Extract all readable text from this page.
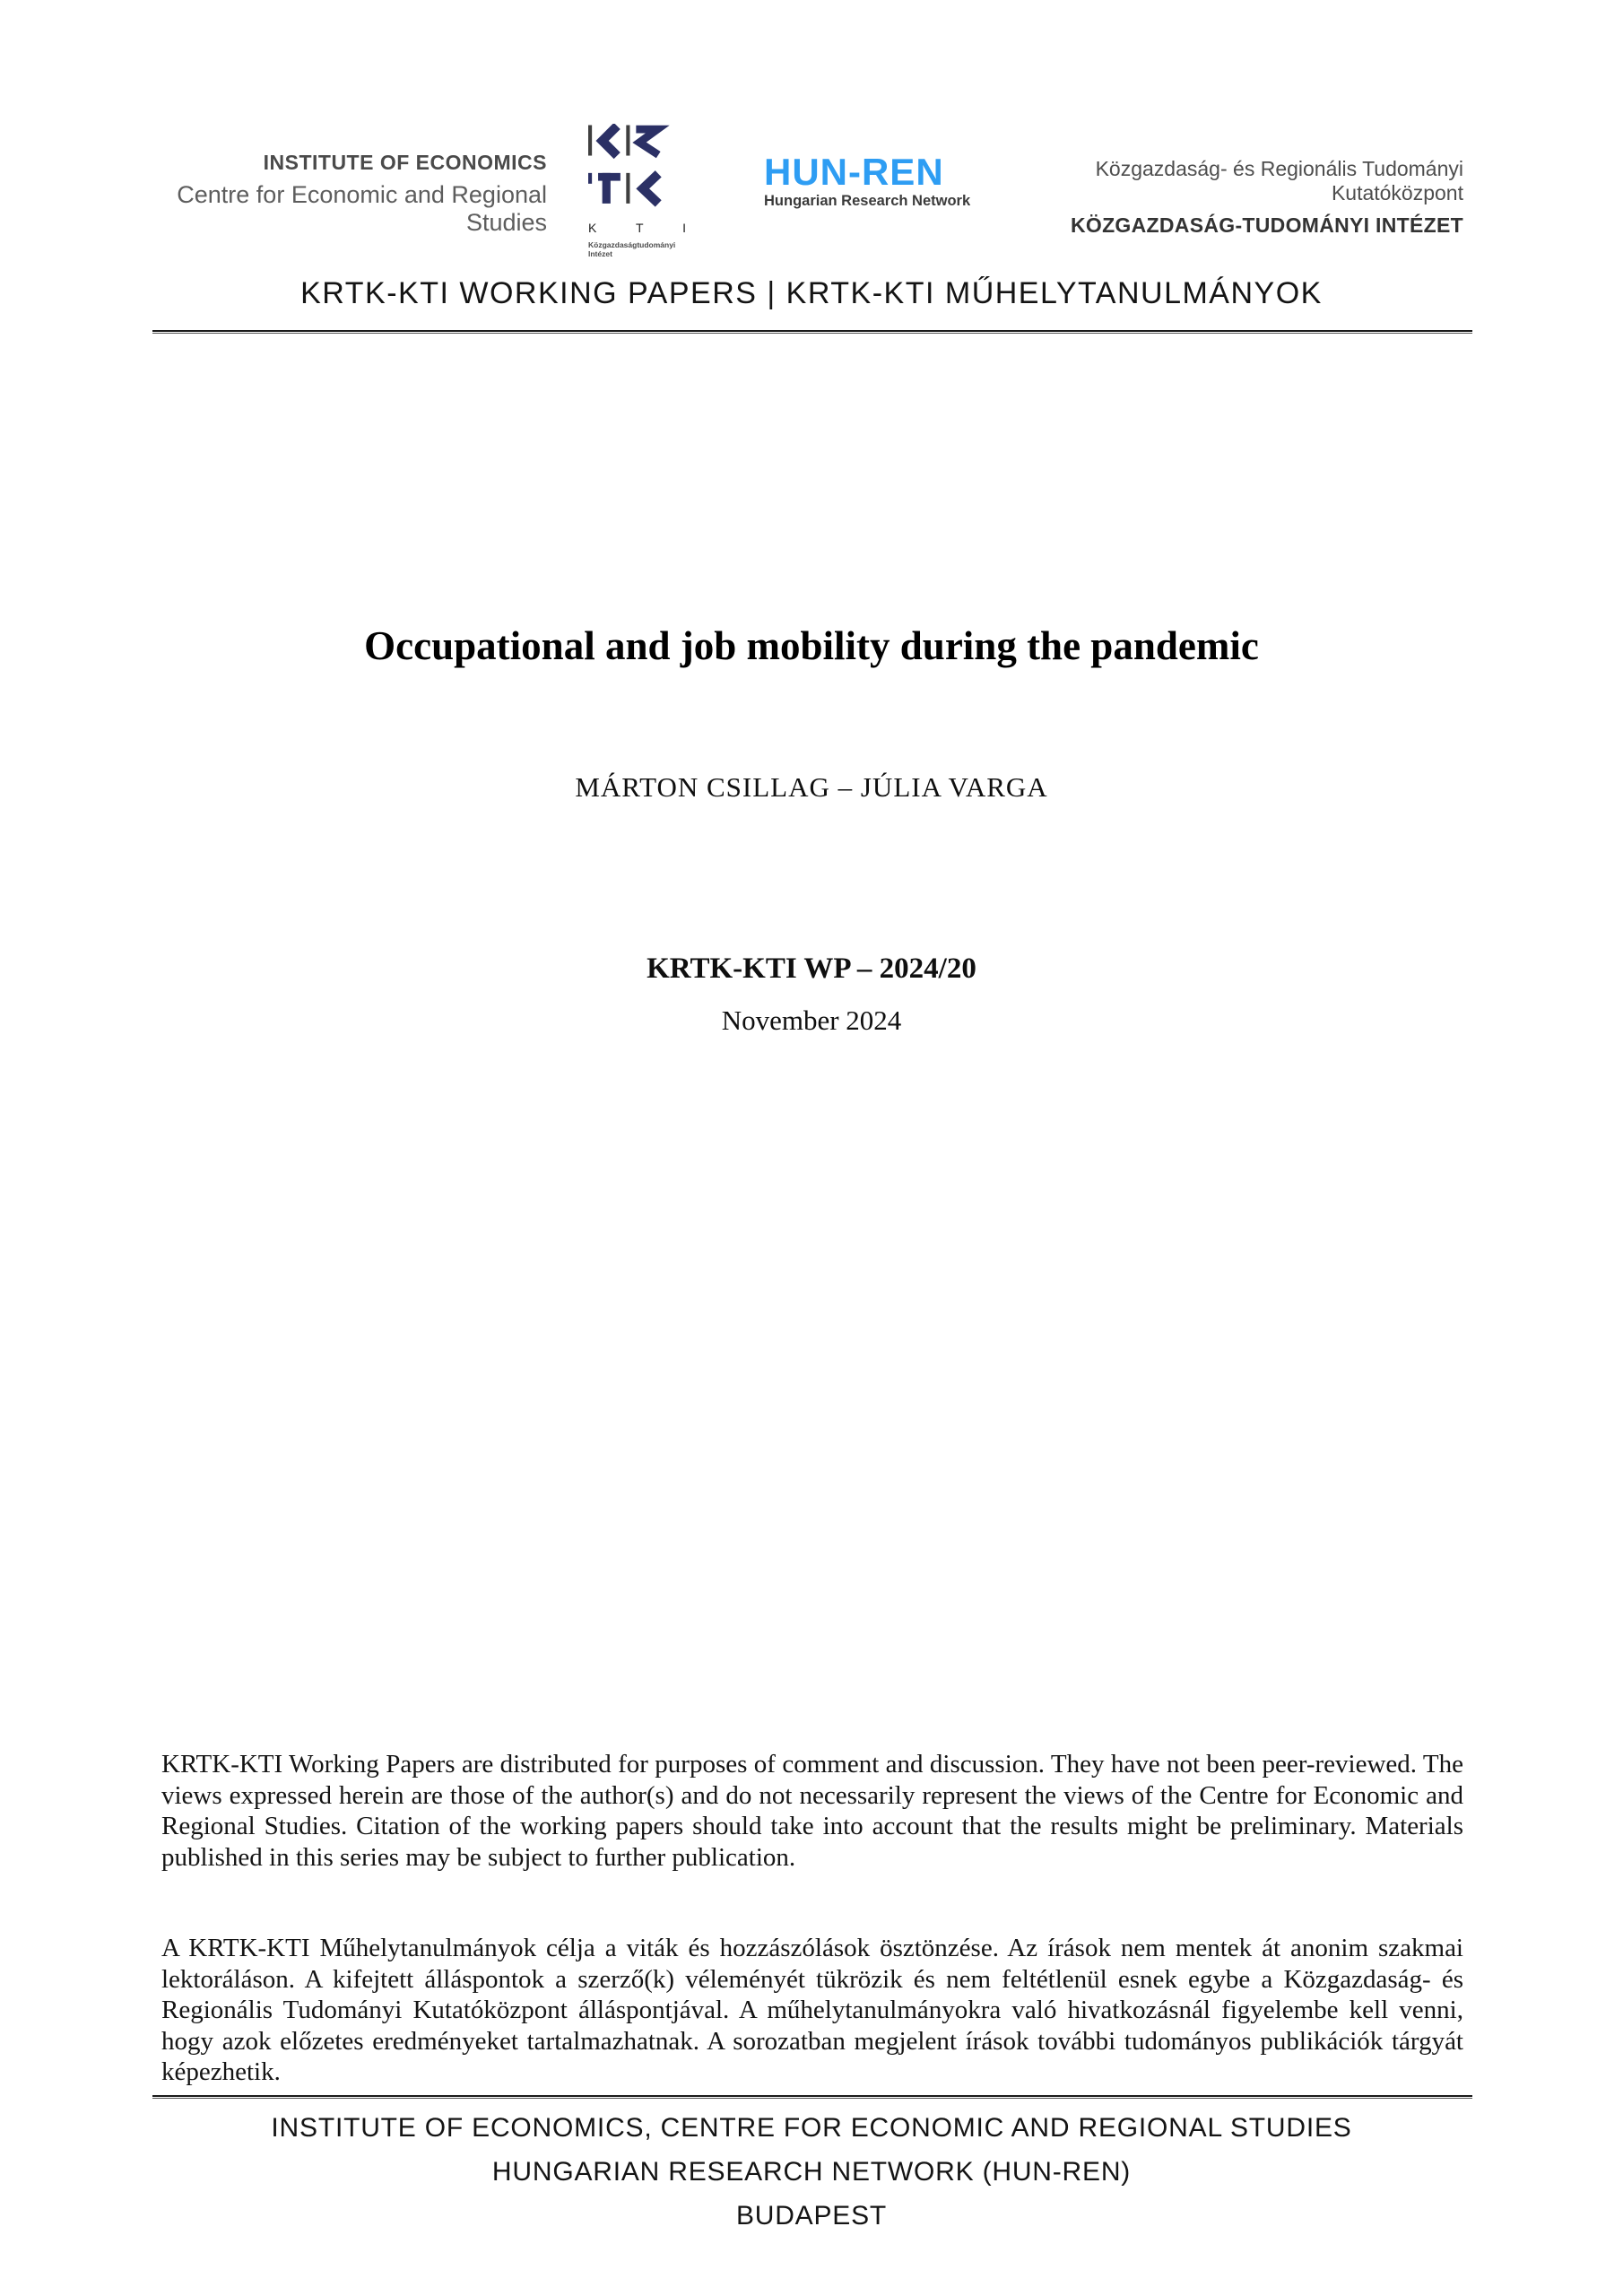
INSTITUTE OF ECONOMICS
Centre for Economic and Regional Studies	K T I
Közgazdaságtudományi
Intézet
HUN-REN
Hungarian Research Network
Közgazdaság- és Regionális Tudományi Kutatóközpont
KÖZGAZDASÁG-TUDOMÁNYI INTÉZET
KRTK-KTI WORKING PAPERS | KRTK-KTI MŰHELYTANULMÁNYOK
Occupational and job mobility during the pandemic
MÁRTON CSILLAG – JÚLIA VARGA
KRTK-KTI WP – 2024/20
November 2024
KRTK-KTI Working Papers are distributed for purposes of comment and discussion. They have not been peer-reviewed. The views expressed herein are those of the author(s) and do not necessarily represent the views of the Centre for Economic and Regional Studies. Citation of the working papers should take into account that the results might be preliminary. Materials published in this series may be subject to further publication.
A KRTK-KTI Műhelytanulmányok célja a viták és hozzászólások ösztönzése. Az írások nem mentek át anonim szakmai lektoráláson. A kifejtett álláspontok a szerző(k) véleményét tükrözik és nem feltétlenül esnek egybe a Közgazdaság- és Regionális Tudományi Kutatóközpont álláspontjával. A műhelytanulmányokra való hivatkozásnál figyelembe kell venni, hogy azok előzetes eredményeket tartalmazhatnak. A sorozatban megjelent írások további tudományos publikációk tárgyát képezhetik.
INSTITUTE OF ECONOMICS, CENTRE FOR ECONOMIC AND REGIONAL STUDIES
HUNGARIAN RESEARCH NETWORK (HUN-REN)
BUDAPEST
